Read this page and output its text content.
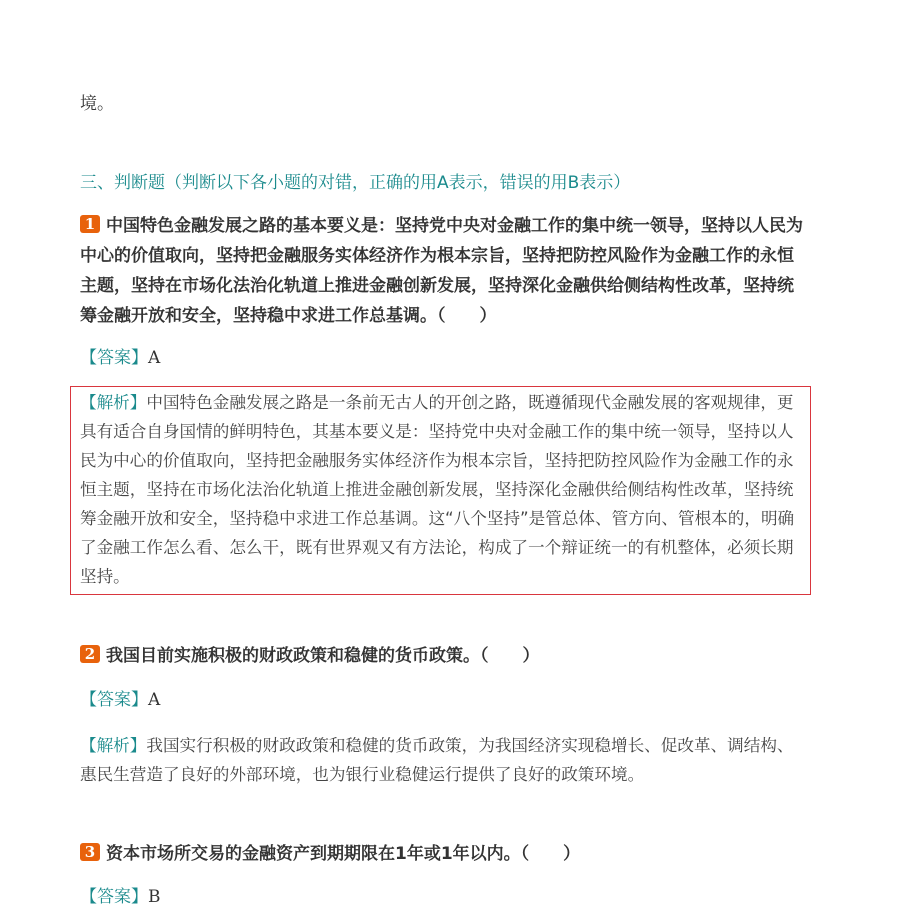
境。
三、判断题（判断以下各小题的对错，正确的用A表示，错误的用B表示）
1 中国特色金融发展之路的基本要义是：坚持党中央对金融工作的集中统一领导，坚持以人民为中心的价值取向，坚持把金融服务实体经济作为根本宗旨，坚持把防控风险作为金融工作的永恒主题，坚持在市场化法治化轨道上推进金融创新发展，坚持深化金融供给侧结构性改革，坚持统筹金融开放和安全，坚持稳中求进工作总基调。（　　）
【答案】A
【解析】中国特色金融发展之路是一条前无古人的开创之路，既遵循现代金融发展的客观规律，更具有适合自身国情的鲜明特色，其基本要义是：坚持党中央对金融工作的集中统一领导，坚持以人民为中心的价值取向，坚持把金融服务实体经济作为根本宗旨，坚持把防控风险作为金融工作的永恒主题，坚持在市场化法治化轨道上推进金融创新发展，坚持深化金融供给侧结构性改革，坚持统筹金融开放和安全，坚持稳中求进工作总基调。这“八个坚持”是管总体、管方向、管根本的，明确了金融工作怎么看、怎么干，既有世界观又有方法论，构成了一个辩证统一的有机整体，必须长期坚持。
2 我国目前实施积极的财政政策和稳健的货币政策。（　　）
【答案】A
【解析】我国实行积极的财政政策和稳健的货币政策，为我国经济实现稳增长、促改革、调结构、惠民生营造了良好的外部环境，也为银行业稳健运行提供了良好的政策环境。
3 资本市场所交易的金融资产到期期限在1年或1年以内。（　　）
【答案】B
